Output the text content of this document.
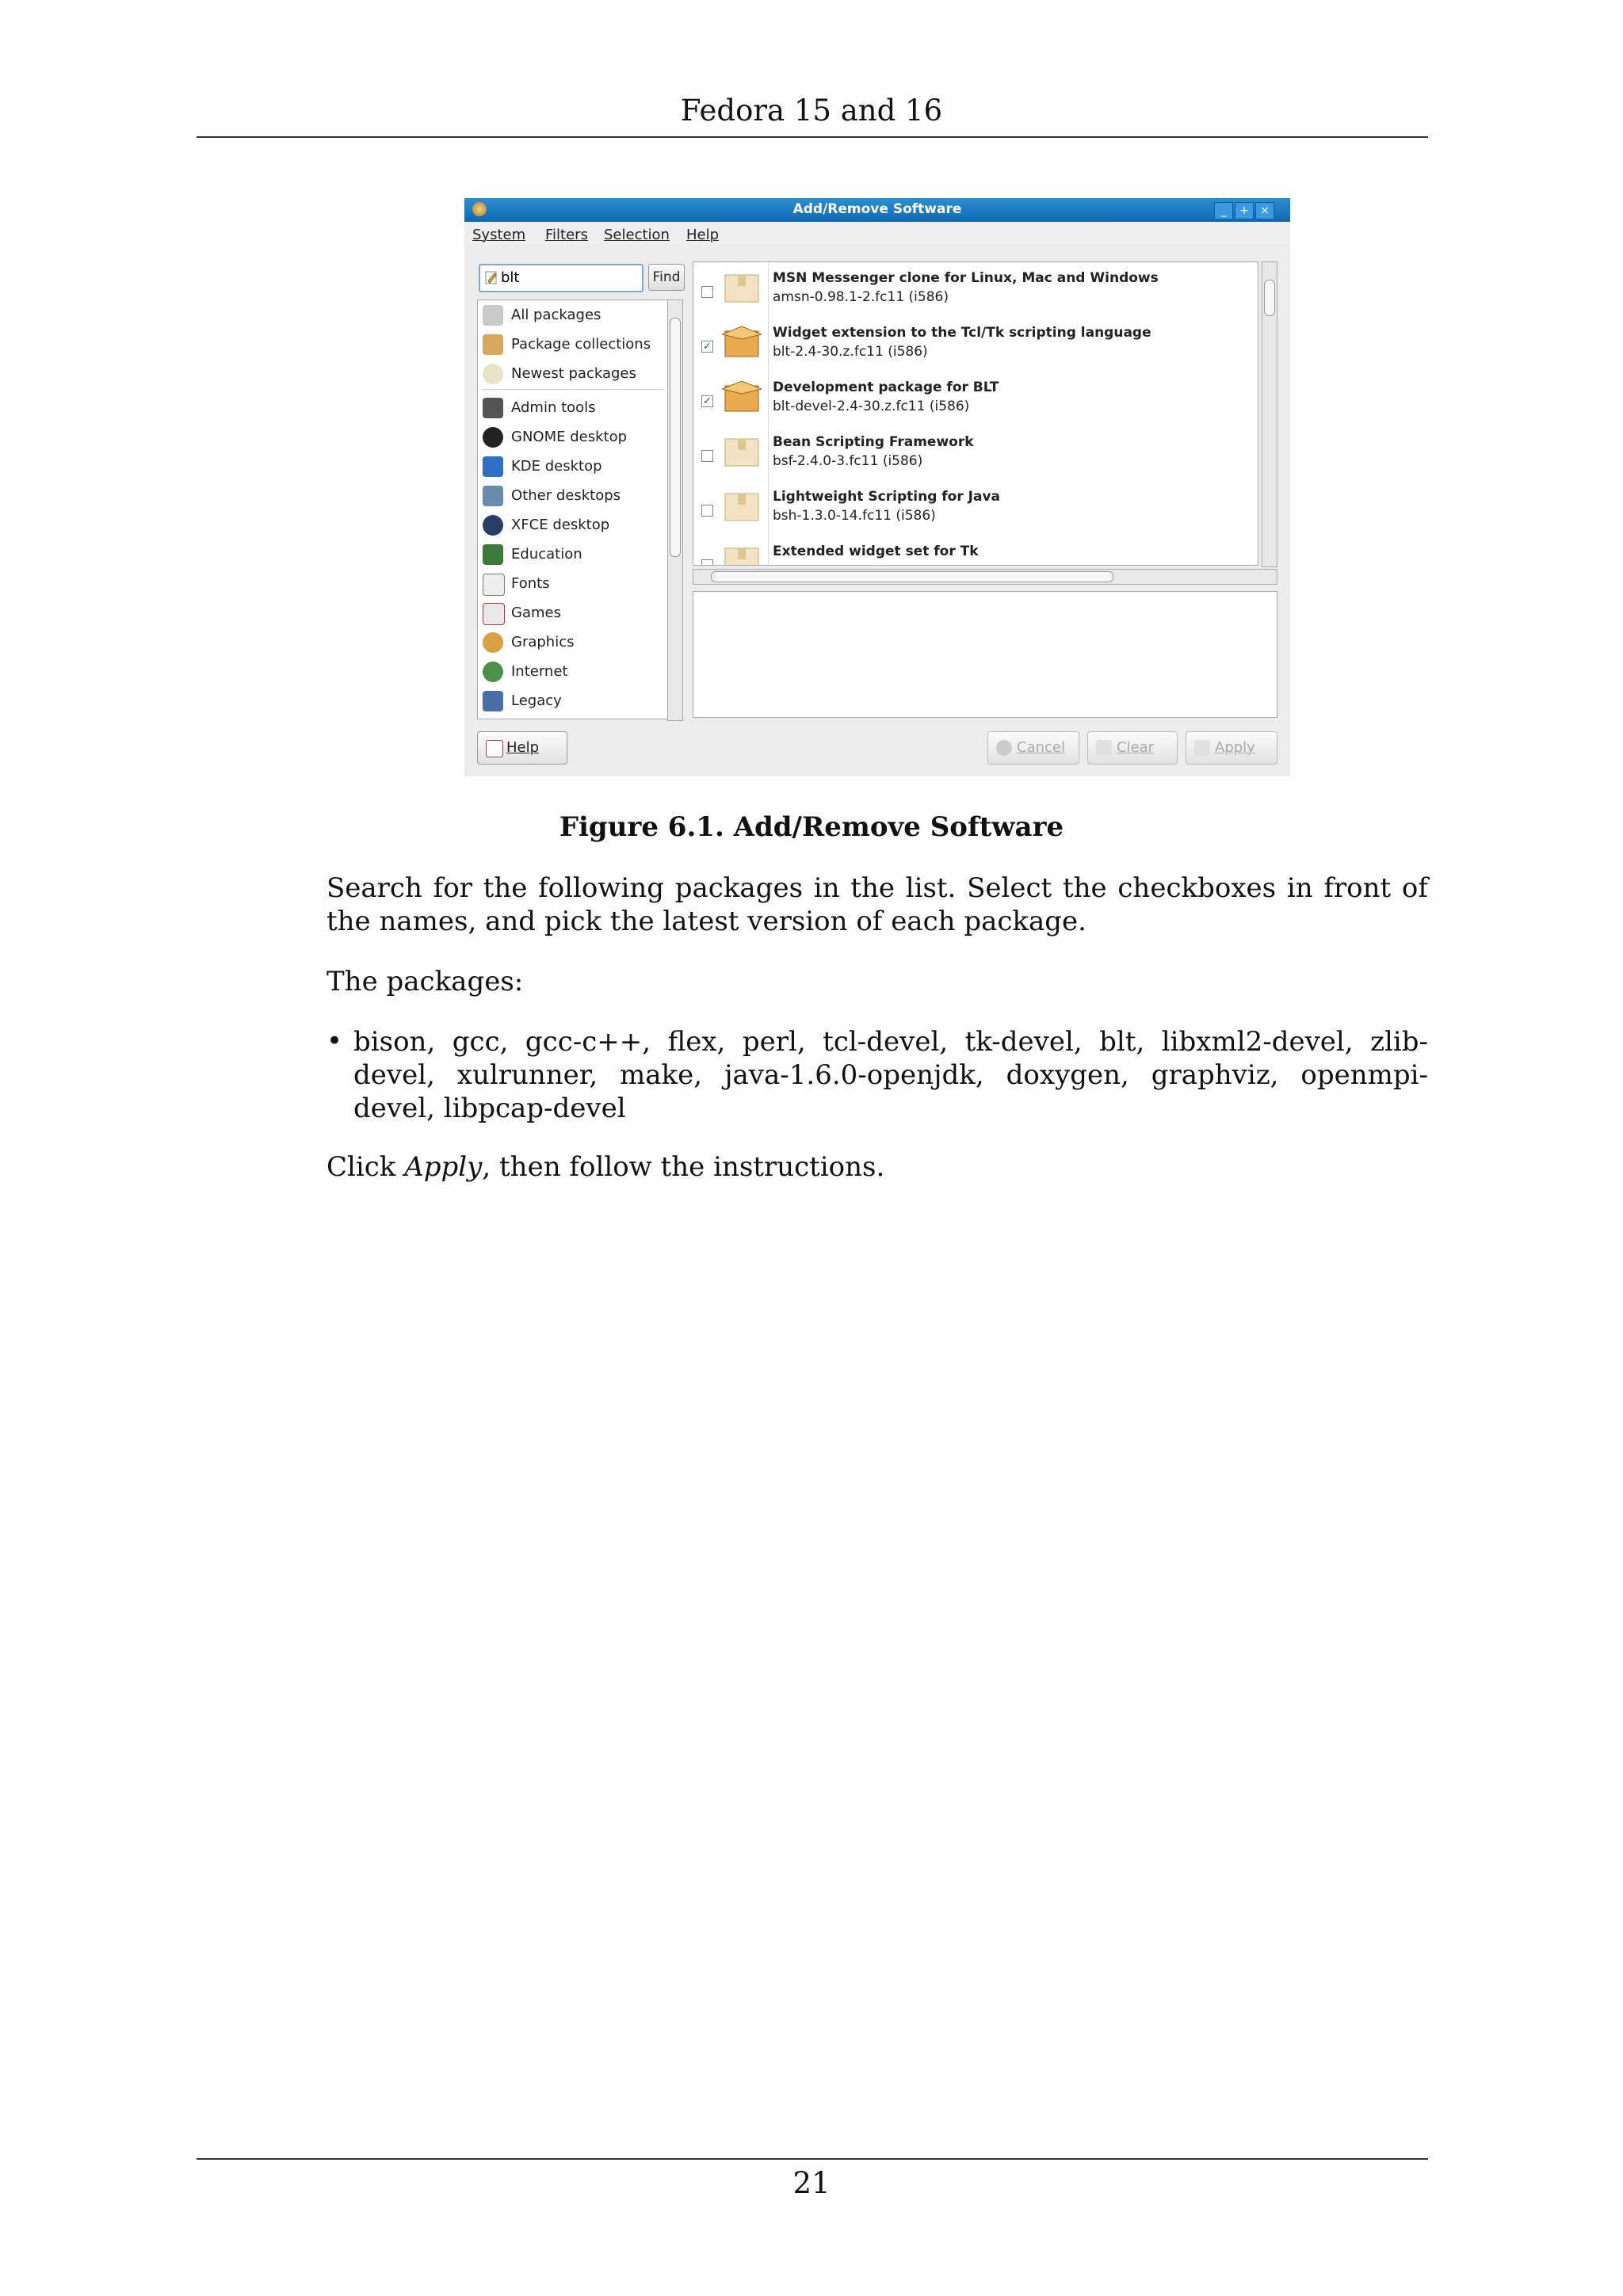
Fedora 15 and 16
Add/Remove Software	_	+	×
System Filters Selection Help
blt
Find
All packages
Package collections
Newest packages
Admin tools
GNOME desktop
KDE desktop
Other desktops
XFCE desktop
Education
Fonts
Games
Graphics
Internet
Legacy
MSN Messenger clone for Linux, Mac and Windows
amsn-0.98.1-2.fc11 (i586)
✓
Widget extension to the Tcl/Tk scripting language
blt-2.4-30.z.fc11 (i586)
✓
Development package for BLT
blt-devel-2.4-30.z.fc11 (i586)
Bean Scripting Framework
bsf-2.4.0-3.fc11 (i586)
Lightweight Scripting for Java
bsh-1.3.0-14.fc11 (i586)
Extended widget set for Tk
Help	Cancel	Clear	Apply
Figure 6.1. Add/Remove Software
Search for the following packages in the list. Select the checkboxes in front of the names, and pick the latest version of each package.
The packages:
• bison, gcc, gcc-c++, flex, perl, tcl-devel, tk-devel, blt, libxml2-devel, zlib-devel, xulrunner, make, java-1.6.0-openjdk, doxygen, graphviz, openmpi-devel, libpcap-devel
Click Apply, then follow the instructions.
21
